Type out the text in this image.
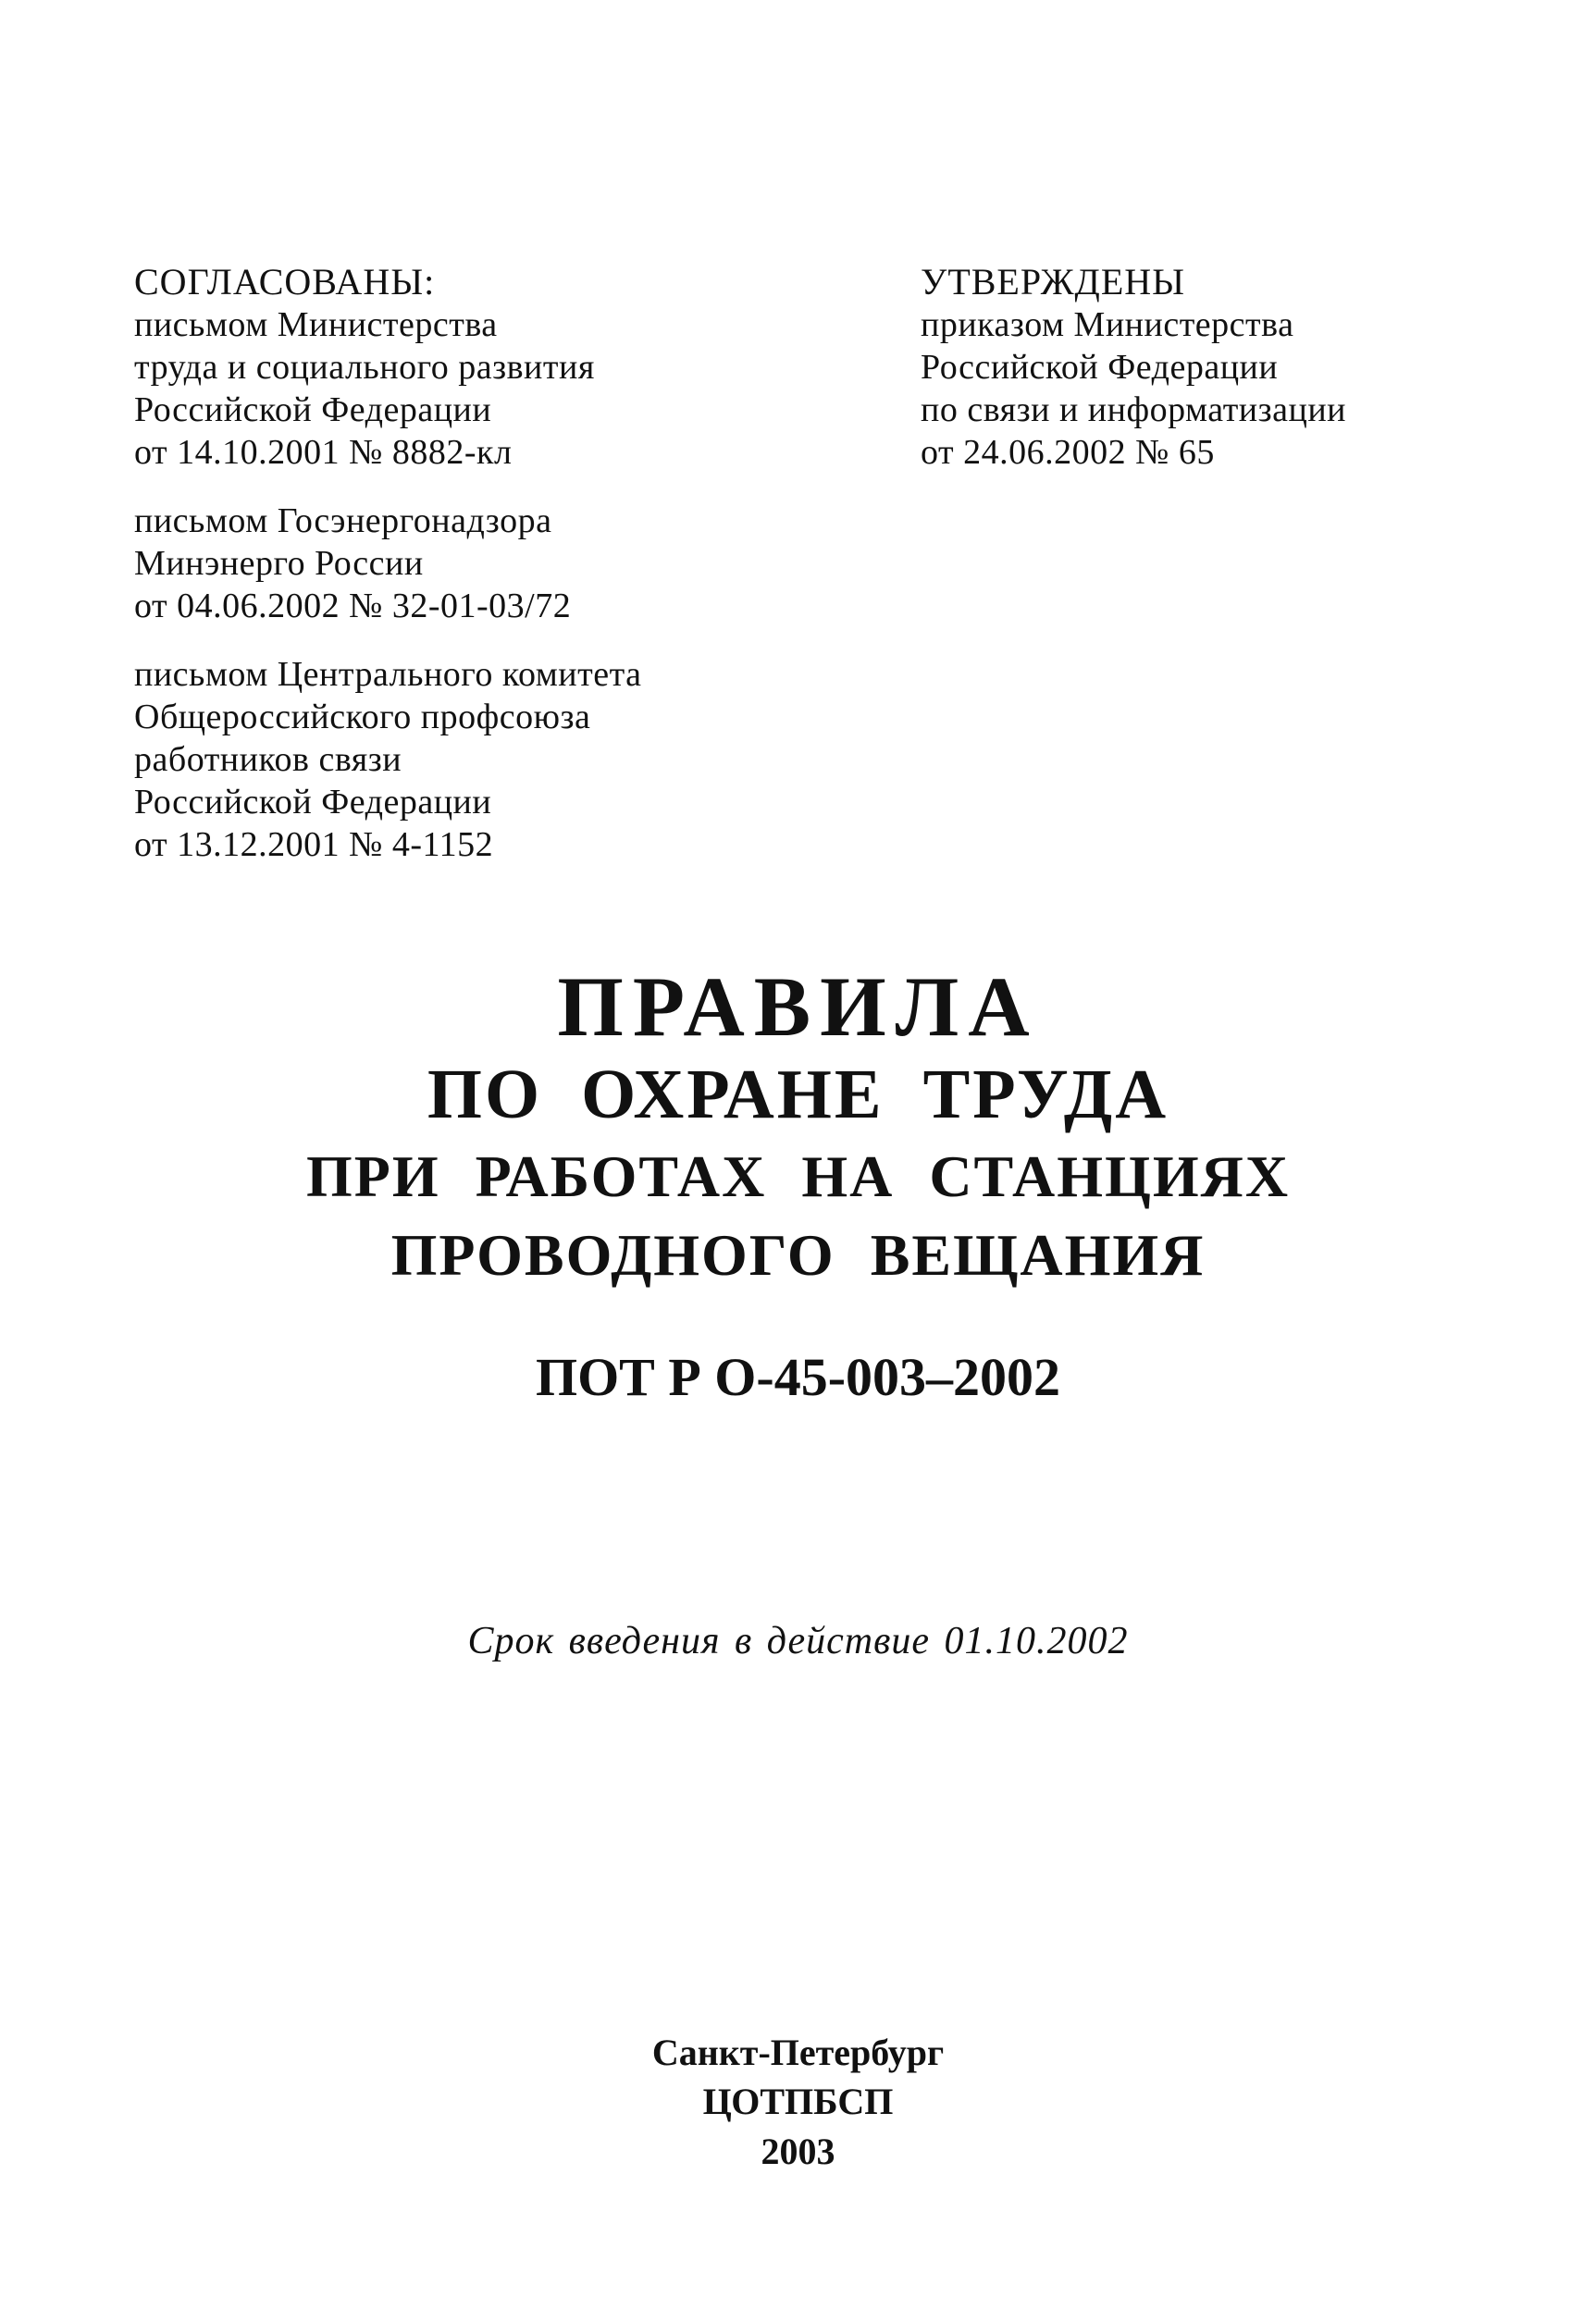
СОГЛАСОВАНЫ:

письмом Министерства

труда и социального развития

Российской Федерации

от 14.10.2001 № 8882-кл

письмом Госэнергонадзора

Минэнерго России

от 04.06.2002 № 32-01-03/72

письмом Центрального комитета

Общероссийского профсоюза

работников связи

Российской Федерации

от 13.12.2001 № 4-1152

УТВЕРЖДЕНЫ

приказом Министерства

Российской Федерации

по связи и информатизации

от 24.06.2002 № 65

ПРАВИЛА

ПО ОХРАНЕ ТРУДА

ПРИ РАБОТАХ НА СТАНЦИЯХ

ПРОВОДНОГО ВЕЩАНИЯ

ПОТ Р О-45-003–2002

Срок введения в действие 01.10.2002

Санкт-Петербург

ЦОТПБСП

2003
